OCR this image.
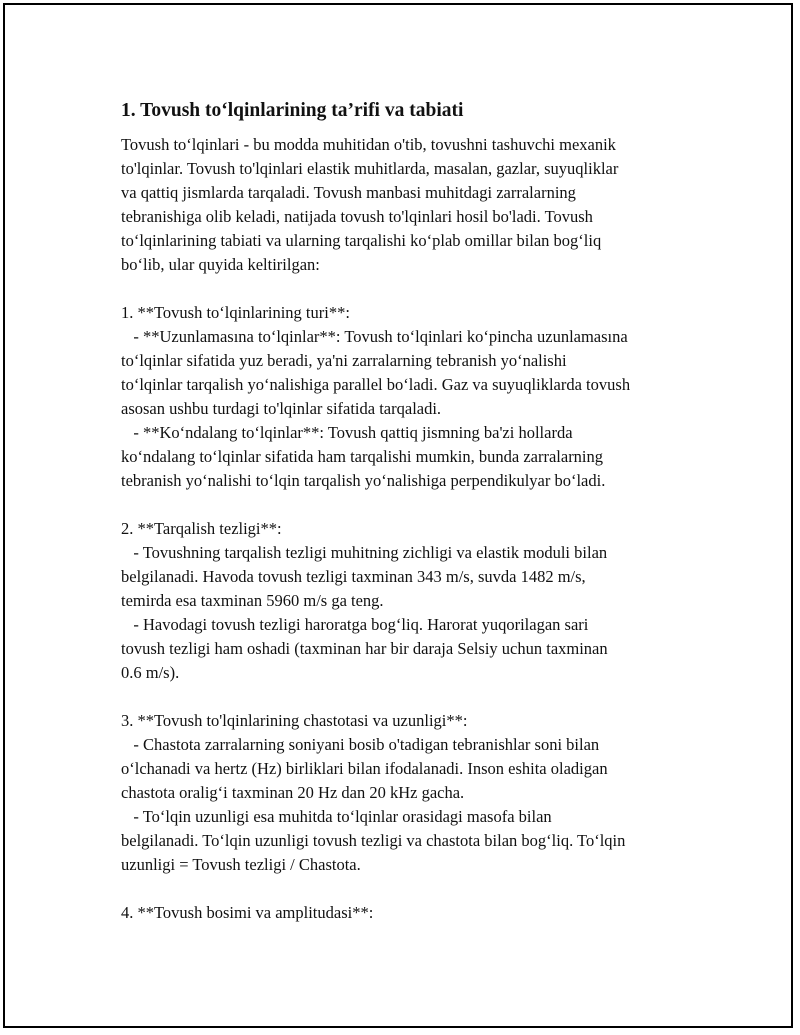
1. Tovush to‘lqinlarining ta’rifi va tabiati
Tovush to‘lqinlari - bu modda muhitidan o'tib, tovushni tashuvchi mexanik
to'lqinlar. Tovush to'lqinlari elastik muhitlarda, masalan, gazlar, suyuqliklar
va qattiq jismlarda tarqaladi. Tovush manbasi muhitdagi zarralarning
tebranishiga olib keladi, natijada tovush to'lqinlari hosil bo'ladi. Tovush
to‘lqinlarining tabiati va ularning tarqalishi ko‘plab omillar bilan bog‘liq
bo‘lib, ular quyida keltirilgan:
1. **Tovush to‘lqinlarining turi**:
- **Uzunlamasına to‘lqinlar**: Tovush to‘lqinlari ko‘pincha uzunlamasına
to‘lqinlar sifatida yuz beradi, ya'ni zarralarning tebranish yo‘nalishi
to‘lqinlar tarqalish yo‘nalishiga parallel bo‘ladi. Gaz va suyuqliklarda tovush
asosan ushbu turdagi to'lqinlar sifatida tarqaladi.
- **Ko‘ndalang to‘lqinlar**: Tovush qattiq jismning ba'zi hollarda
ko‘ndalang to‘lqinlar sifatida ham tarqalishi mumkin, bunda zarralarning
tebranish yo‘nalishi to‘lqin tarqalish yo‘nalishiga perpendikulyar bo‘ladi.
2. **Tarqalish tezligi**:
- Tovushning tarqalish tezligi muhitning zichligi va elastik moduli bilan
belgilanadi. Havoda tovush tezligi taxminan 343 m/s, suvda 1482 m/s,
temirda esa taxminan 5960 m/s ga teng.
- Havodagi tovush tezligi haroratga bog‘liq. Harorat yuqorilagan sari
tovush tezligi ham oshadi (taxminan har bir daraja Selsiy uchun taxminan
0.6 m/s).
3. **Tovush to'lqinlarining chastotasi va uzunligi**:
- Chastota zarralarning soniyani bosib o'tadigan tebranishlar soni bilan
o‘lchanadi va hertz (Hz) birliklari bilan ifodalanadi. Inson eshita oladigan
chastota oralig‘i taxminan 20 Hz dan 20 kHz gacha.
- To‘lqin uzunligi esa muhitda to‘lqinlar orasidagi masofa bilan
belgilanadi. To‘lqin uzunligi tovush tezligi va chastota bilan bog‘liq. To‘lqin
uzunligi = Tovush tezligi / Chastota.
4. **Tovush bosimi va amplitudasi**:
